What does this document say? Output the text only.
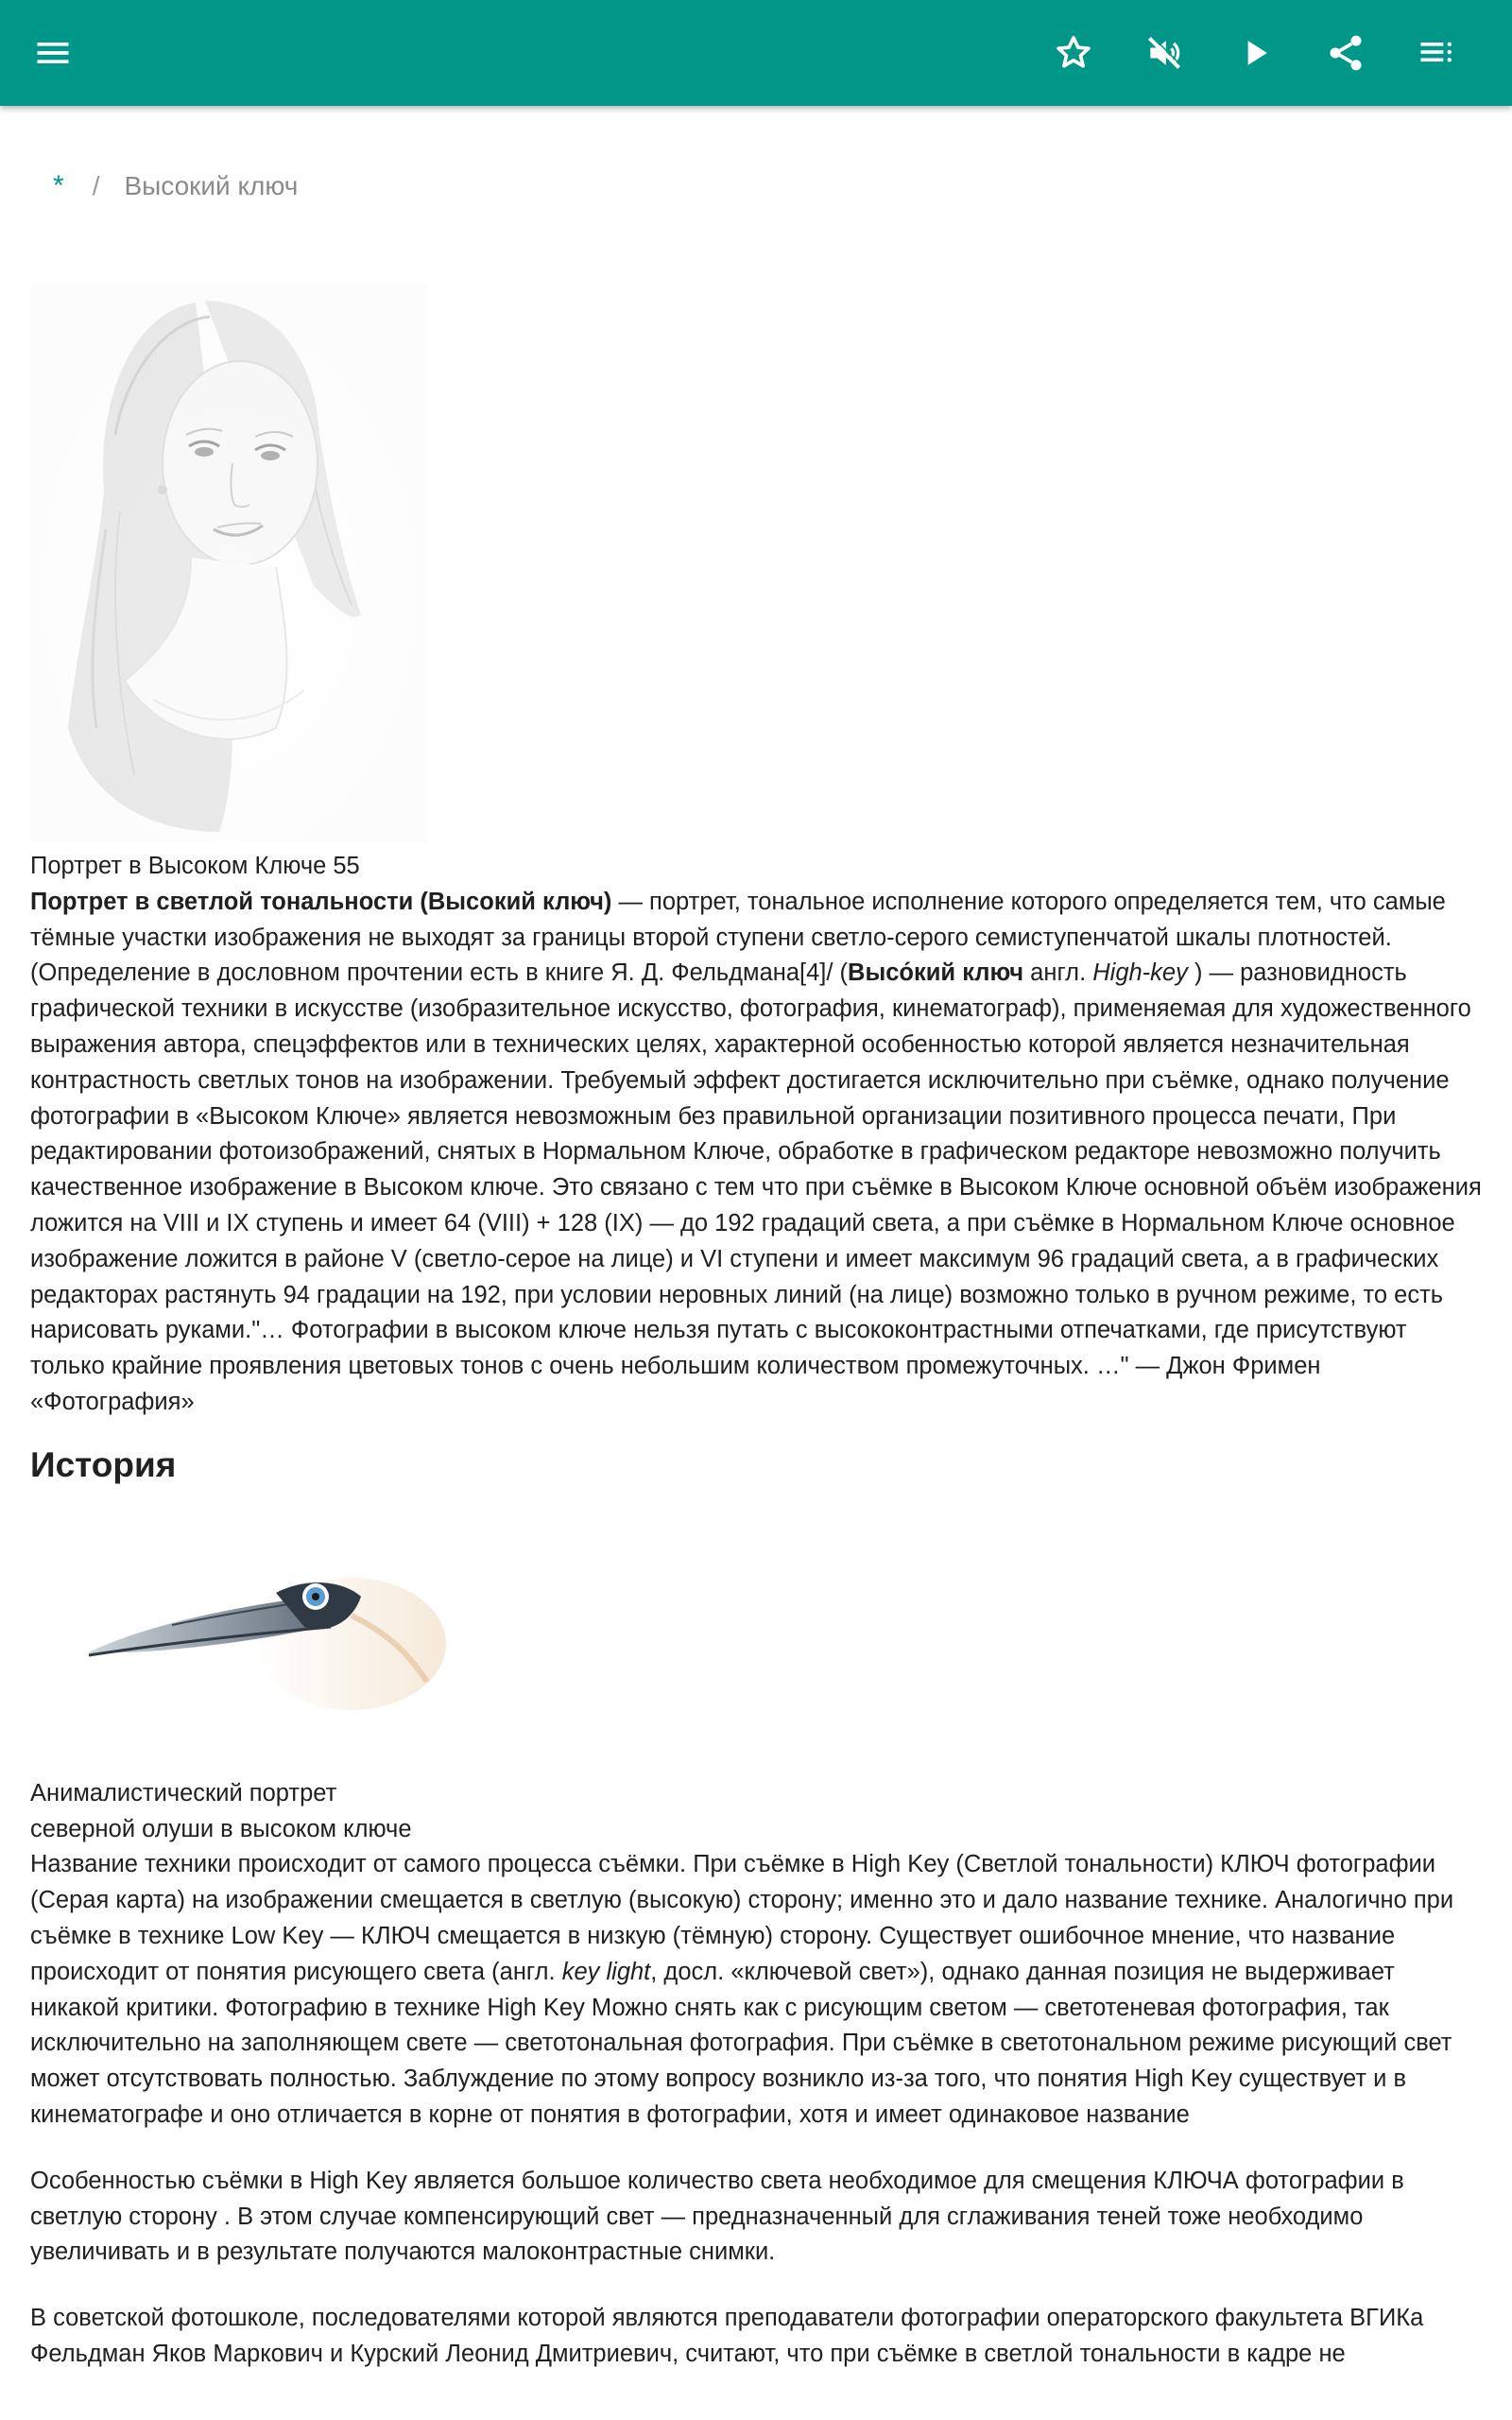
* / Высокий ключ
Портрет в Высоком Ключе 55

Портрет в светлой тональности (Высокий ключ) — портрет, тональное исполнение которого определяется тем, что самые тёмные участки изображения не выходят за границы второй ступени светло-серого семиступенчатой шкалы плотностей. (Определение в дословном прочтении есть в книге Я. Д. Фельдмана[4]/ (Высо́кий ключ англ. High-key ) — разновидность графической техники в искусстве (изобразительное искусство, фотография, кинематограф), применяемая для художественного выражения автора, спецэффектов или в технических целях, характерной особенностью которой является незначительная контрастность светлых тонов на изображении. Требуемый эффект достигается исключительно при съёмке, однако получение фотографии в «Высоком Ключе» является невозможным без правильной организации позитивного процесса печати, При редактировании фотоизображений, снятых в Нормальном Ключе, обработке в графическом редакторе невозможно получить качественное изображение в Высоком ключе. Это связано с тем что при съёмке в Высоком Ключе основной объём изображения ложится на VIII и IX ступень и имеет 64 (VIII) + 128 (IX) — до 192 градаций света, а при съёмке в Нормальном Ключе основное изображение ложится в районе V (светло-серое на лице) и VI ступени и имеет максимум 96 градаций света, а в графических редакторах растянуть 94 градации на 192, при условии неровных линий (на лице) возможно только в ручном режиме, то есть нарисовать руками."… Фотографии в высоком ключе нельзя путать с высококонтрастными отпечатками, где присутствуют только крайние проявления цветовых тонов с очень небольшим количеством промежуточных. …" — Джон Фримен «Фотография»

История
Анималистический портрет
северной олуши в высоком ключе

Название техники происходит от самого процесса съёмки. При съёмке в High Key (Светлой тональности) КЛЮЧ фотографии (Серая карта) на изображении смещается в светлую (высокую) сторону; именно это и дало название технике. Аналогично при съёмке в технике Low Key — КЛЮЧ смещается в низкую (тёмную) сторону. Существует ошибочное мнение, что название происходит от понятия рисующего света (англ. key light, досл. «ключевой свет»), однако данная позиция не выдерживает никакой критики. Фотографию в технике High Key Можно снять как с рисующим светом — светотеневая фотография, так исключительно на заполняющем свете — светотональная фотография. При съёмке в светотональном режиме рисующий свет может отсутствовать полностью. Заблуждение по этому вопросу возникло из-за того, что понятия High Key существует и в кинематографе и оно отличается в корне от понятия в фотографии, хотя и имеет одинаковое название

Особенностью съёмки в High Key является большое количество света необходимое для смещения КЛЮЧА фотографии в светлую сторону . В этом случае компенсирующий свет — предназначенный для сглаживания теней тоже необходимо увеличивать и в результате получаются малоконтрастные снимки.

В советской фотошколе, последователями которой являются преподаватели фотографии операторского факультета ВГИКа Фельдман Яков Маркович и Курский Леонид Дмитриевич, считают, что при съёмке в светлой тональности в кадре не
